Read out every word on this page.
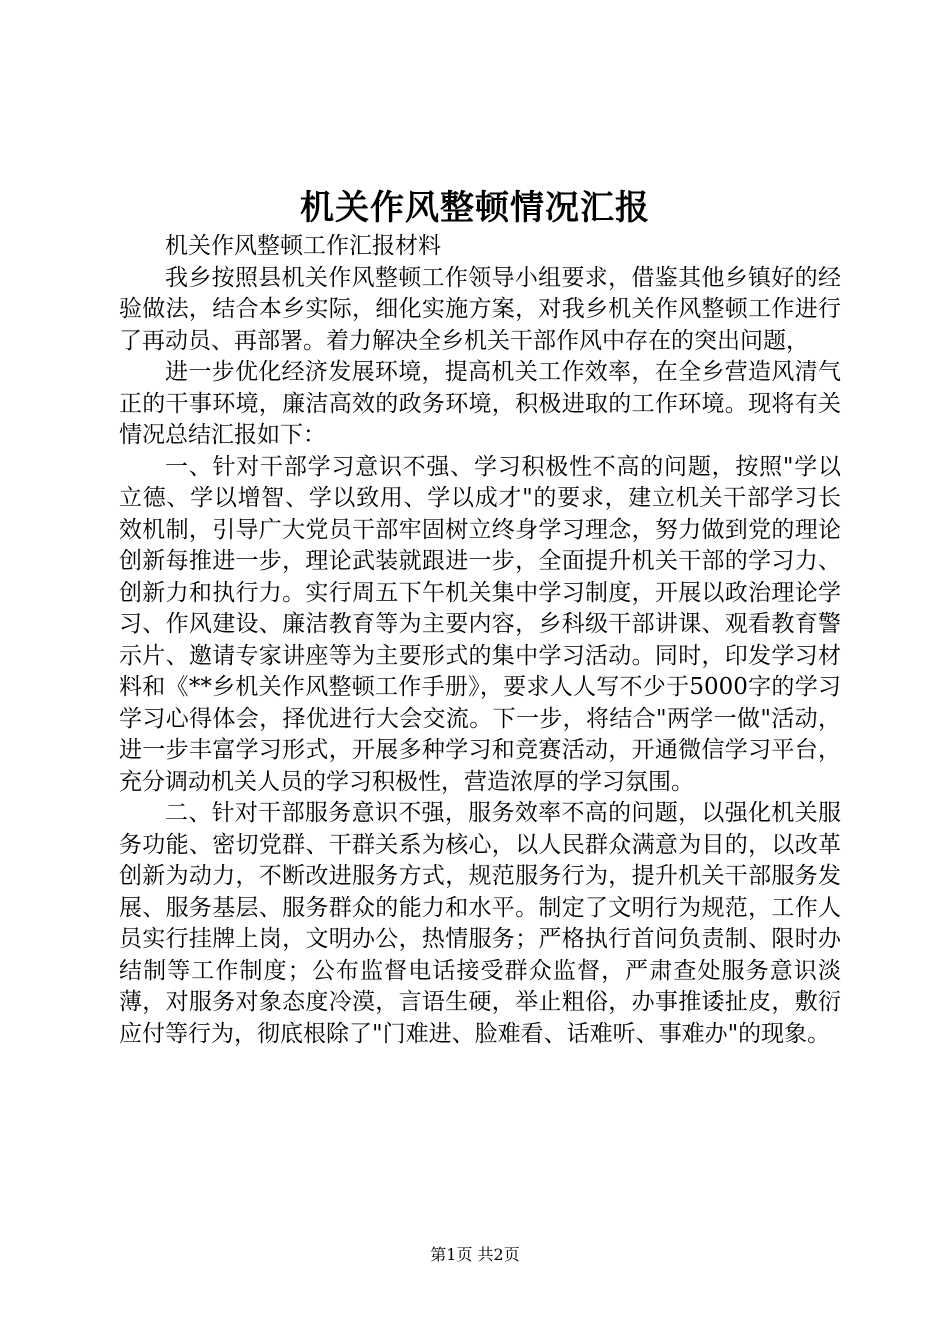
机关作风整顿情况汇报

机关作风整顿工作汇报材料

我乡按照县机关作风整顿工作领导小组要求，借鉴其他乡镇好的经验做法，结合本乡实际，细化实施方案，对我乡机关作风整顿工作进行了再动员、再部署。着力解决全乡机关干部作风中存在的突出问题，

进一步优化经济发展环境，提高机关工作效率，在全乡营造风清气正的干事环境，廉洁高效的政务环境，积极进取的工作环境。现将有关情况总结汇报如下：

一、针对干部学习意识不强、学习积极性不高的问题，按照"学以立德、学以增智、学以致用、学以成才"的要求，建立机关干部学习长效机制，引导广大党员干部牢固树立终身学习理念，努力做到党的理论创新每推进一步，理论武装就跟进一步，全面提升机关干部的学习力、创新力和执行力。实行周五下午机关集中学习制度，开展以政治理论学习、作风建设、廉洁教育等为主要内容，乡科级干部讲课、观看教育警示片、邀请专家讲座等为主要形式的集中学习活动。同时，印发学习材料和《**乡机关作风整顿工作手册》，要求人人写不少于5000字的学习学习心得体会，择优进行大会交流。下一步，将结合"两学一做"活动，进一步丰富学习形式，开展多种学习和竞赛活动，开通微信学习平台，充分调动机关人员的学习积极性，营造浓厚的学习氛围。

二、针对干部服务意识不强，服务效率不高的问题，以强化机关服务功能、密切党群、干群关系为核心，以人民群众满意为目的，以改革创新为动力，不断改进服务方式，规范服务行为，提升机关干部服务发展、服务基层、服务群众的能力和水平。制定了文明行为规范，工作人员实行挂牌上岗，文明办公，热情服务；严格执行首问负责制、限时办结制等工作制度；公布监督电话接受群众监督，严肃查处服务意识淡薄，对服务对象态度冷漠，言语生硬，举止粗俗，办事推诿扯皮，敷衍应付等行为，彻底根除了"门难进、脸难看、话难听、事难办"的现象。

第1页 共2页
